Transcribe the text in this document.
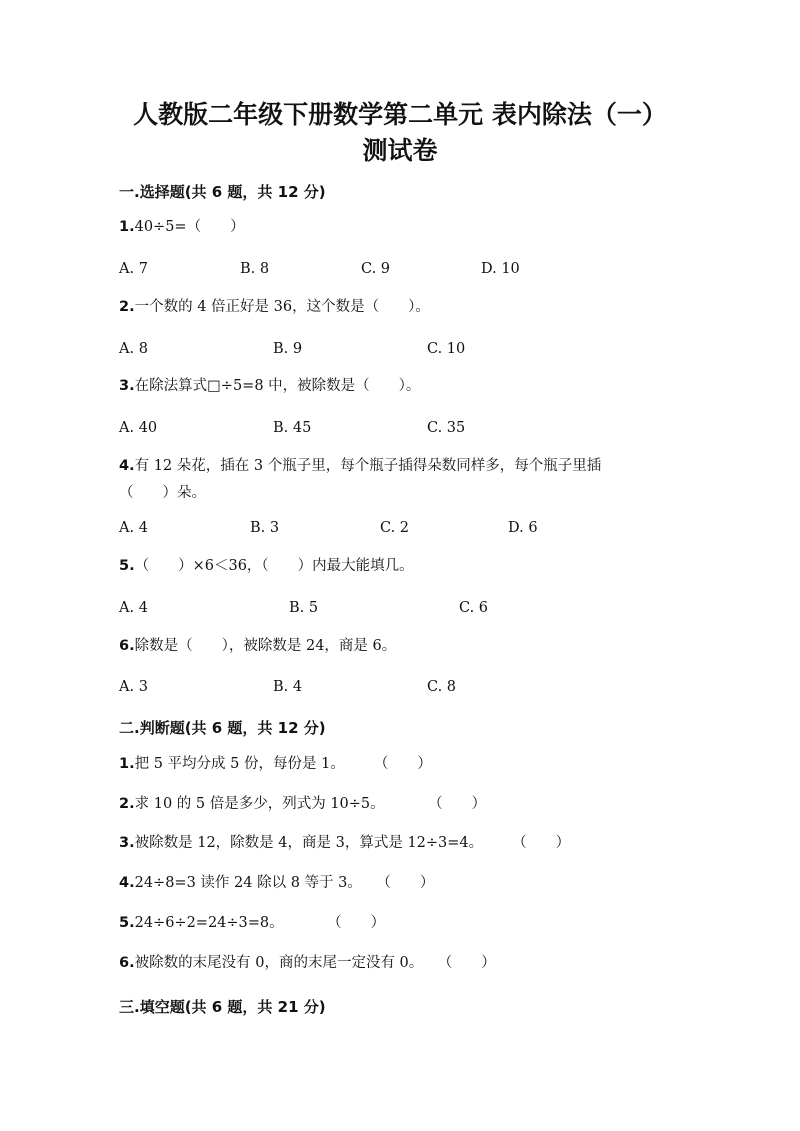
人教版二年级下册数学第二单元 表内除法（一）
测试卷
一.选择题(共 6 题，共 12 分)
1.40÷5=（　　）
A. 7	B. 8	C. 9	D. 10
2.一个数的 4 倍正好是 36，这个数是（　　）。
A. 8	B. 9	C. 10
3.在除法算式□÷5=8 中，被除数是（　　）。
A. 40	B. 45	C. 35
4.有 12 朵花，插在 3 个瓶子里，每个瓶子插得朵数同样多，每个瓶子里插（　　）朵。
A. 4	B. 3	C. 2	D. 6
5.（　　）×6＜36，（　　）内最大能填几。
A. 4	B. 5	C. 6
6.除数是（　　），被除数是 24，商是 6。
A. 3	B. 4	C. 8
二.判断题(共 6 题，共 12 分)
1.把 5 平均分成 5 份，每份是 1。　　　（　　）
2.求 10 的 5 倍是多少，列式为 10÷5。　　　　（　　）
3.被除数是 12，除数是 4，商是 3，算式是 12÷3=4。　　　（　　）
4.24÷8=3 读作 24 除以 8 等于 3。　　（　　）
5.24÷6÷2=24÷3=8。　　　　（　　）
6.被除数的末尾没有 0，商的末尾一定没有 0。　　（　　）
三.填空题(共 6 题，共 21 分)
